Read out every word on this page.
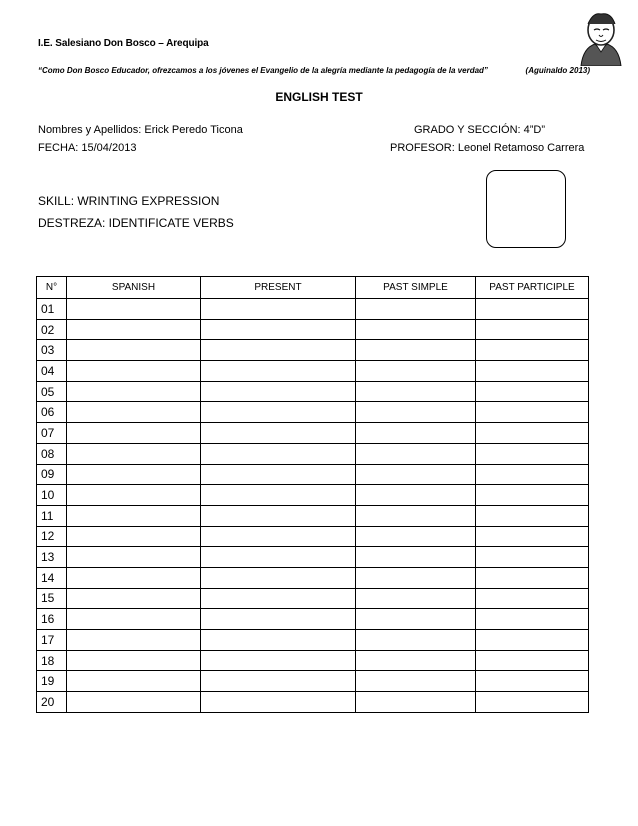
I.E. Salesiano Don Bosco – Arequipa
“Como Don Bosco Educador, ofrezcamos a los jóvenes el Evangelio de la alegría mediante la pedagogía de la verdad”	(Aguinaldo 2013)
ENGLISH TEST
Nombres y Apellidos: Erick Peredo Ticona	GRADO Y SECCIÓN: 4”D”
FECHA: 15/04/2013	PROFESOR: Leonel Retamoso Carrera
SKILL: WRINTING EXPRESSION
DESTREZA: IDENTIFICATE VERBS
N°	SPANISH	PRESENT	PAST SIMPLE	PAST PARTICIPLE
01				
02				
03				
04				
05				
06				
07				
08				
09				
10				
11				
12				
13				
14				
15				
16				
17				
18				
19				
20				
